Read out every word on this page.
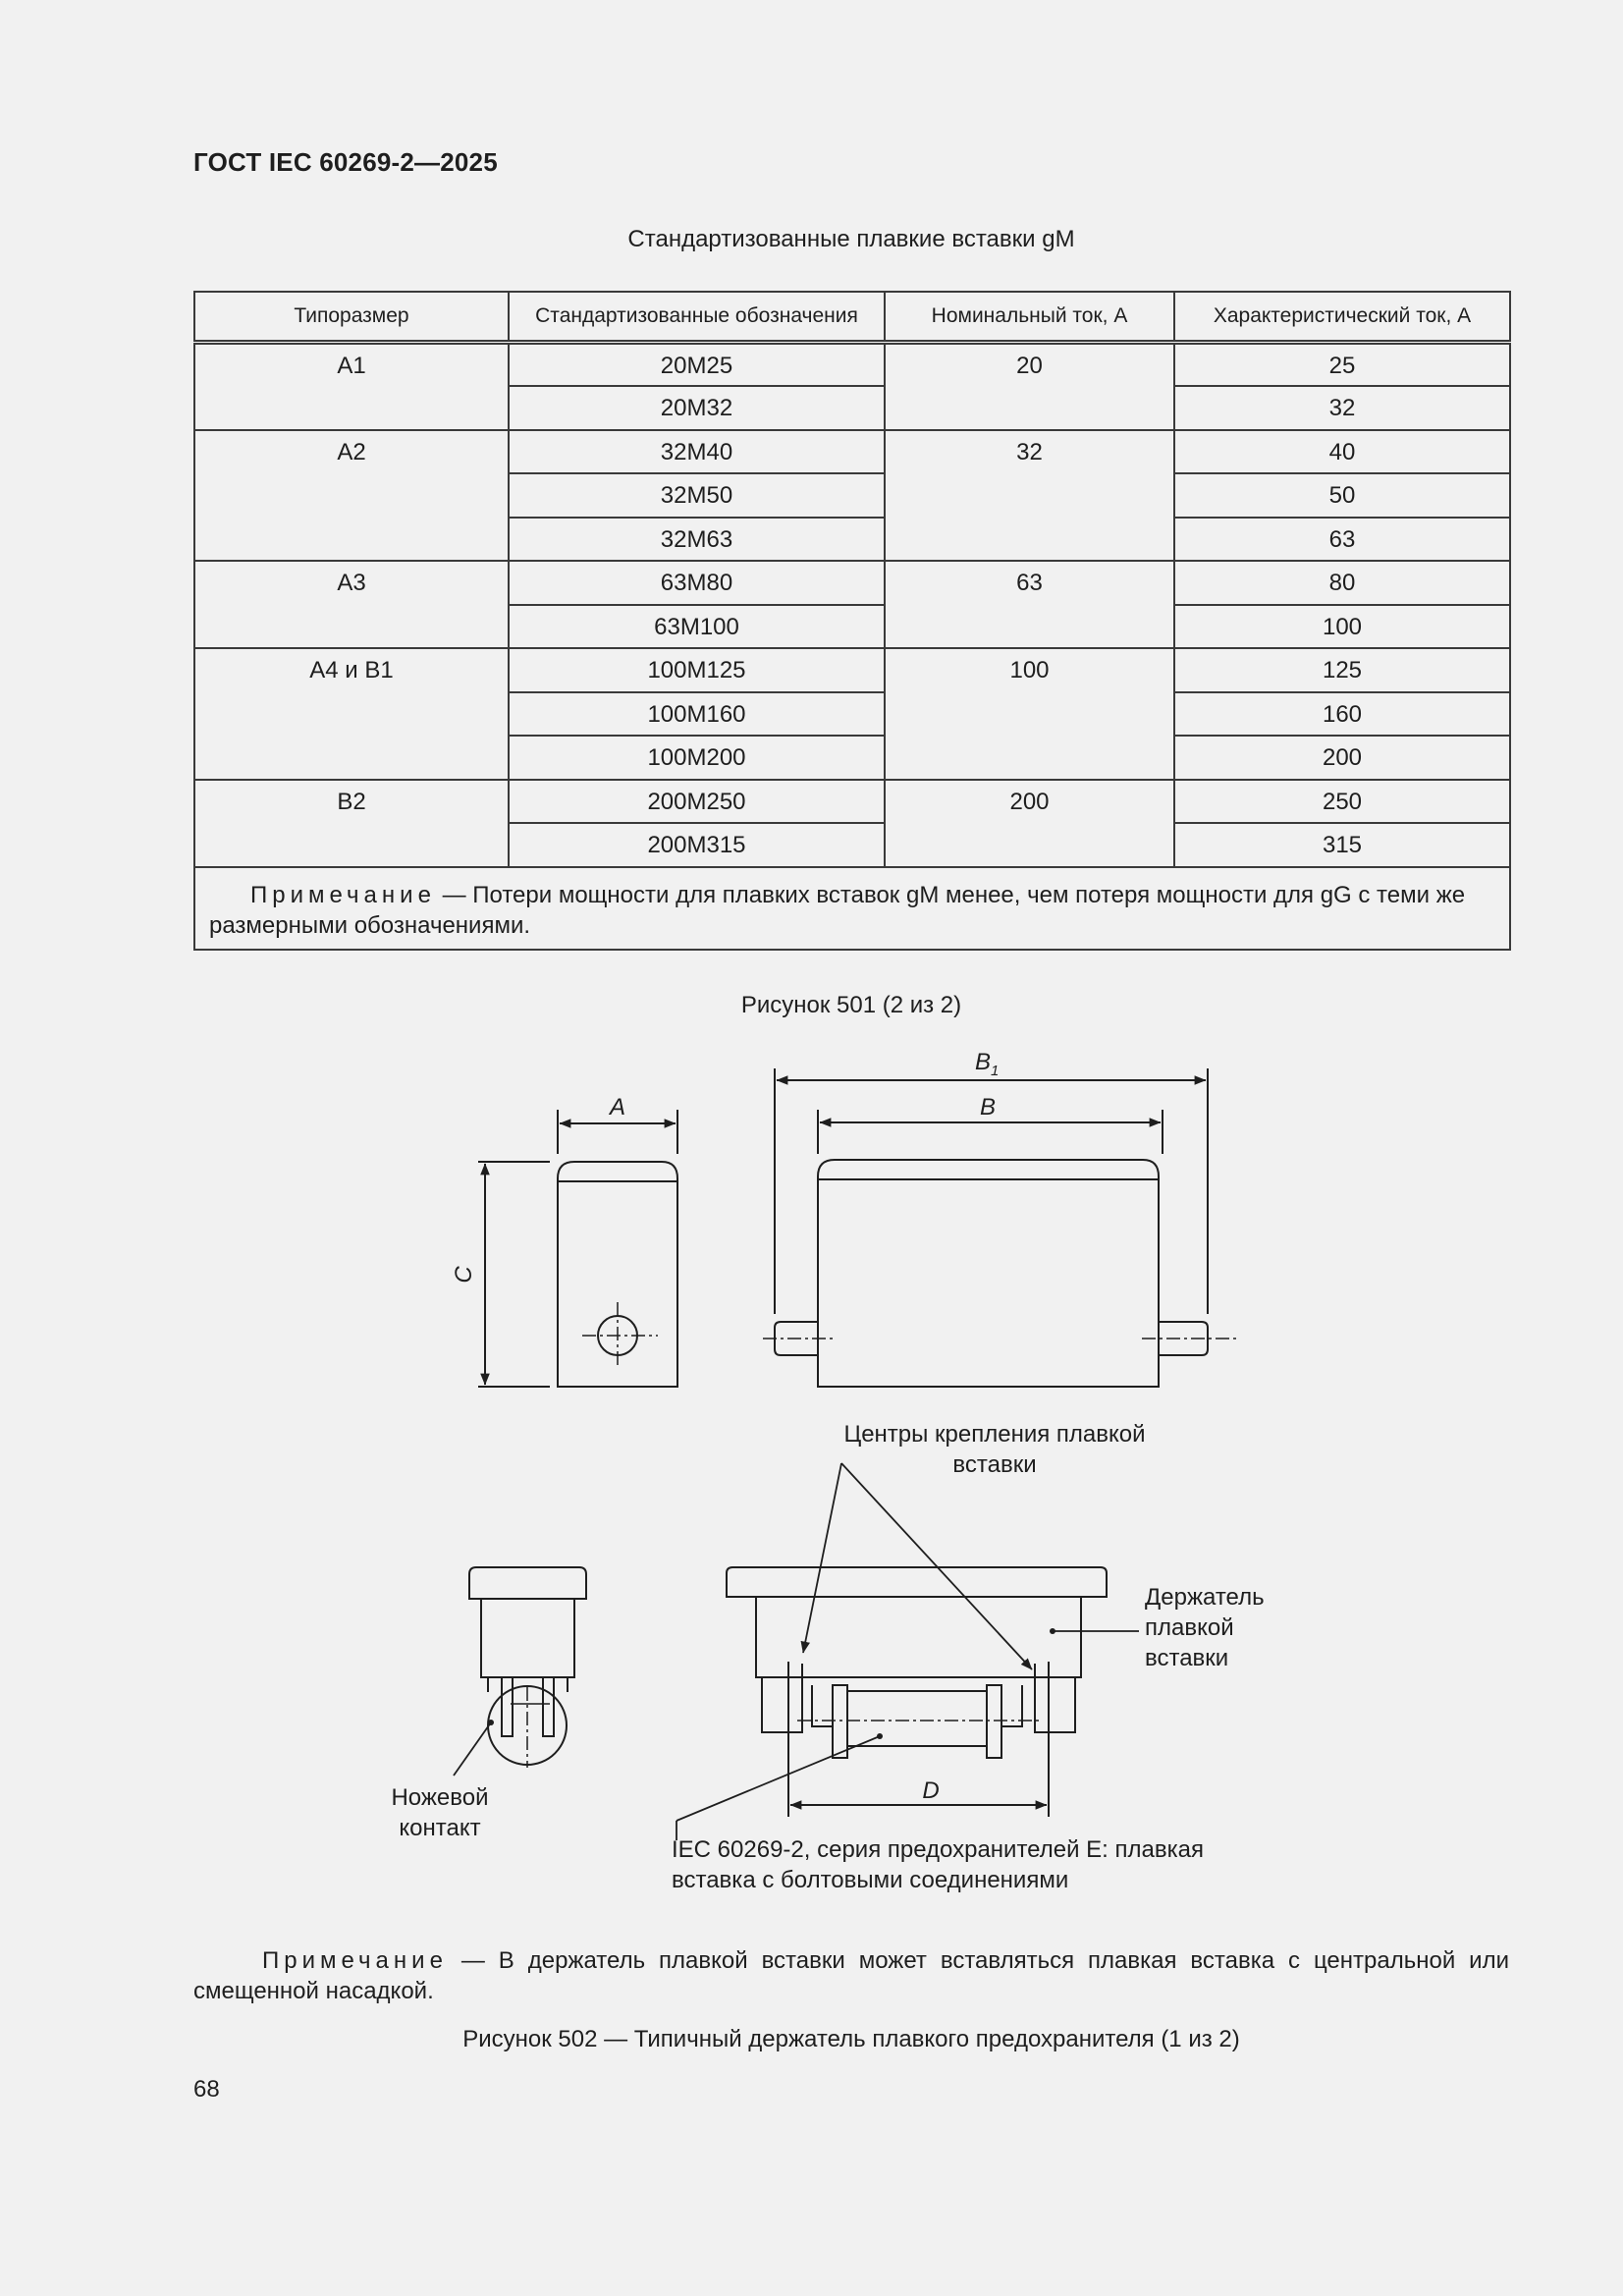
ГОСТ IEC 60269-2—2025
Стандартизованные плавкие вставки gM
Типоразмер	Стандартизованные обозначения	Номинальный ток, А	Характеристический ток, А
А1	20М25	20	25
	20М32		32
А2	32М40	32	40
	32М50		50
	32М63		63
А3	63М80	63	80
	63М100		100
А4 и В1	100М125	100	125
	100М160		160
	100М200		200
В2	200М250	200	250
	200М315		315
Примечание — Потери мощности для плавких вставок gM менее, чем потеря мощности для gG с теми же размерными обозначениями.			
Рисунок 501 (2 из 2)
A	B
$B_1$
C
D
Центры крепления плавкой вставки
Держатель плавкой вставки
Ножевой контакт
IEC 60269-2, серия предохранителей Е: плавкая вставка с болтовыми соединениями
Примечание — В держатель плавкой вставки может вставляться плавкая вставка с центральной или смещенной насадкой.
Рисунок 502 — Типичный держатель плавкого предохранителя (1 из 2)
68
